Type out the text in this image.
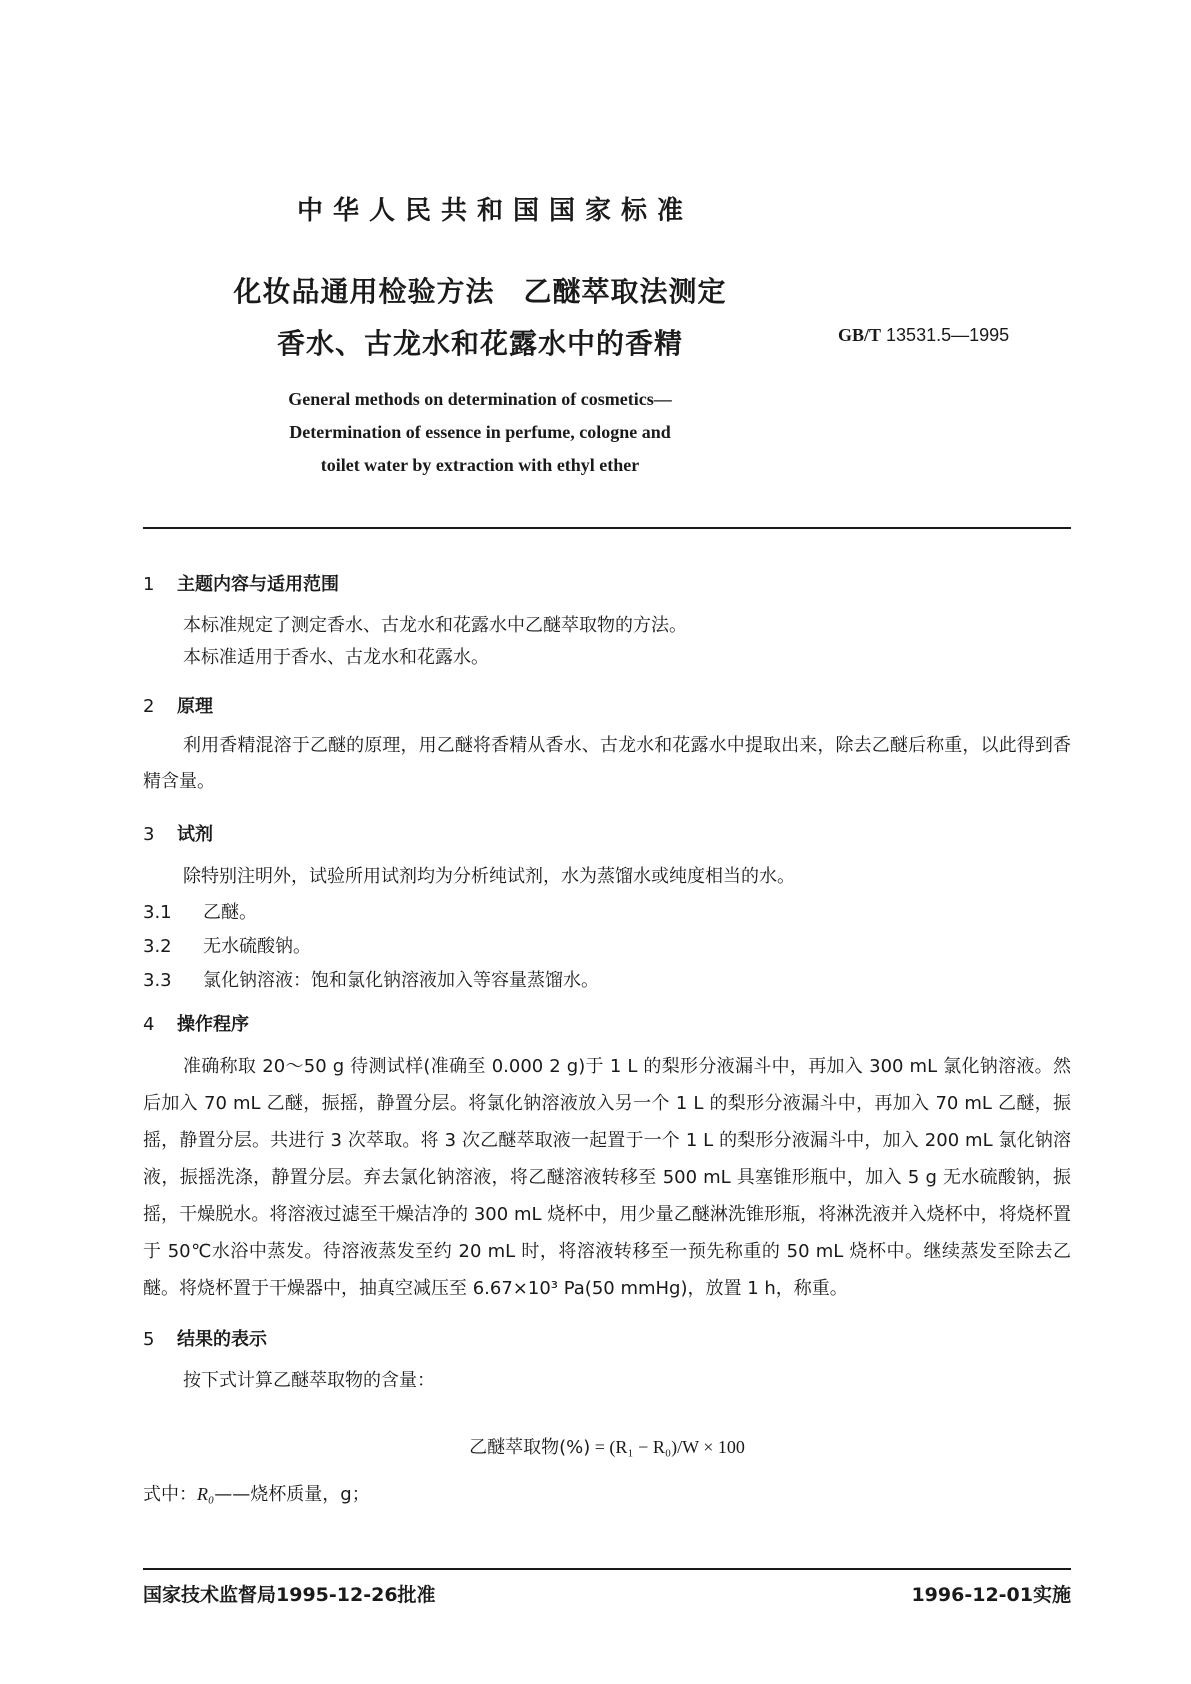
中华人民共和国国家标准
化妆品通用检验方法　乙醚萃取法测定
香水、古龙水和花露水中的香精	GB/T 13531.5—1995
General methods on determination of cosmetics—
Determination of essence in perfume, cologne and
toilet water by extraction with ethyl ether
1 主题内容与适用范围
本标准规定了测定香水、古龙水和花露水中乙醚萃取物的方法。
本标准适用于香水、古龙水和花露水。
2 原理
利用香精混溶于乙醚的原理，用乙醚将香精从香水、古龙水和花露水中提取出来，除去乙醚后称重，以此得到香精含量。
3 试剂
除特别注明外，试验所用试剂均为分析纯试剂，水为蒸馏水或纯度相当的水。
3.1 乙醚。
3.2 无水硫酸钠。
3.3 氯化钠溶液：饱和氯化钠溶液加入等容量蒸馏水。
4 操作程序
准确称取 20～50 g 待测试样(准确至 0.000 2 g)于 1 L 的梨形分液漏斗中，再加入 300 mL 氯化钠溶液。然后加入 70 mL 乙醚，振摇，静置分层。将氯化钠溶液放入另一个 1 L 的梨形分液漏斗中，再加入 70 mL 乙醚，振摇，静置分层。共进行 3 次萃取。将 3 次乙醚萃取液一起置于一个 1 L 的梨形分液漏斗中，加入 200 mL 氯化钠溶液，振摇洗涤，静置分层。弃去氯化钠溶液，将乙醚溶液转移至 500 mL 具塞锥形瓶中，加入 5 g 无水硫酸钠，振摇，干燥脱水。将溶液过滤至干燥洁净的 300 mL 烧杯中，用少量乙醚淋洗锥形瓶，将淋洗液并入烧杯中，将烧杯置于 50℃水浴中蒸发。待溶液蒸发至约 20 mL 时，将溶液转移至一预先称重的 50 mL 烧杯中。继续蒸发至除去乙醚。将烧杯置于干燥器中，抽真空减压至 6.67×10³ Pa(50 mmHg)，放置 1 h，称重。
5 结果的表示
按下式计算乙醚萃取物的含量：
乙醚萃取物(%) = (R₁ − R₀)/W × 100
式中：R₀——烧杯质量，g；
国家技术监督局1995-12-26批准	1996-12-01实施
